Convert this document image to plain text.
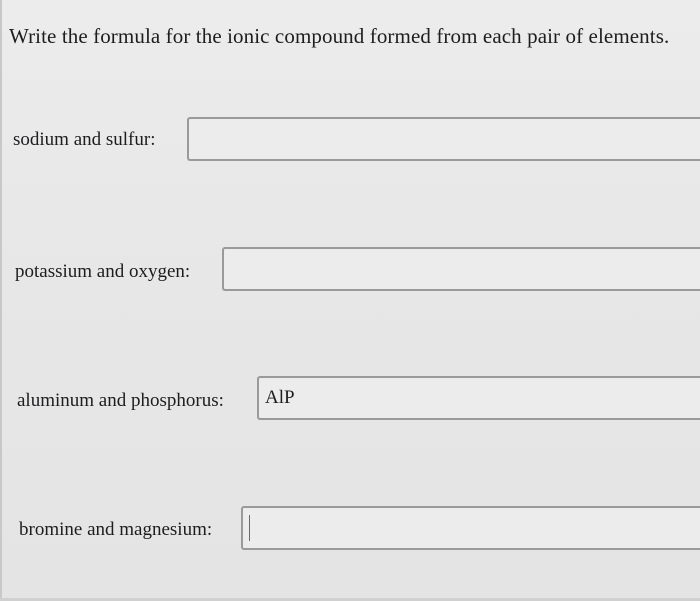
Write the formula for the ionic compound formed from each pair of elements.
sodium and sulfur:
potassium and oxygen:
aluminum and phosphorus:
AlP
bromine and magnesium:
